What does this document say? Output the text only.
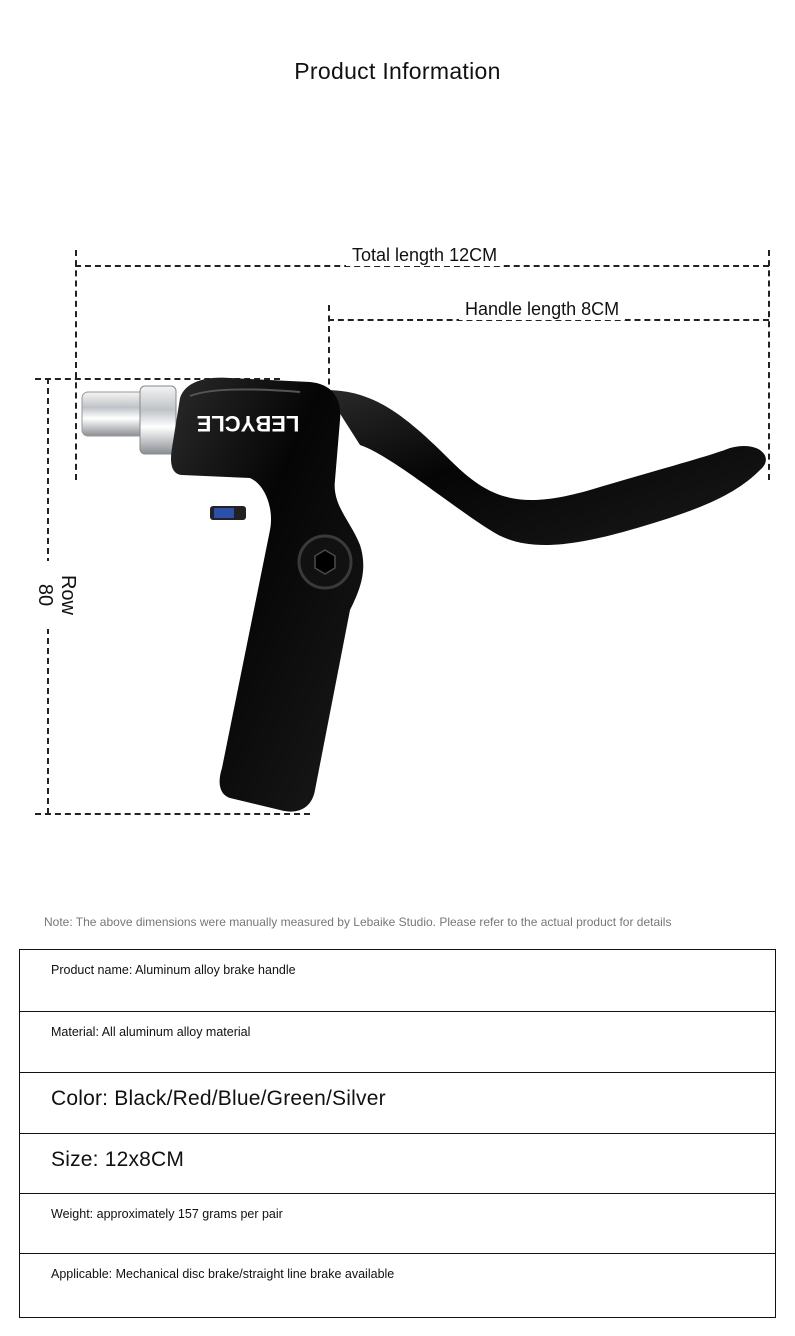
Product Information
Total length 12CM
Handle length 8CM
Row 80
LEBYCLE
Note: The above dimensions were manually measured by Lebaike Studio. Please refer to the actual product for details
Product name: Aluminum alloy brake handle
Material: All aluminum alloy material
Color: Black/Red/Blue/Green/Silver
Size: 12x8CM
Weight: approximately 157 grams per pair
Applicable: Mechanical disc brake/straight line brake available
